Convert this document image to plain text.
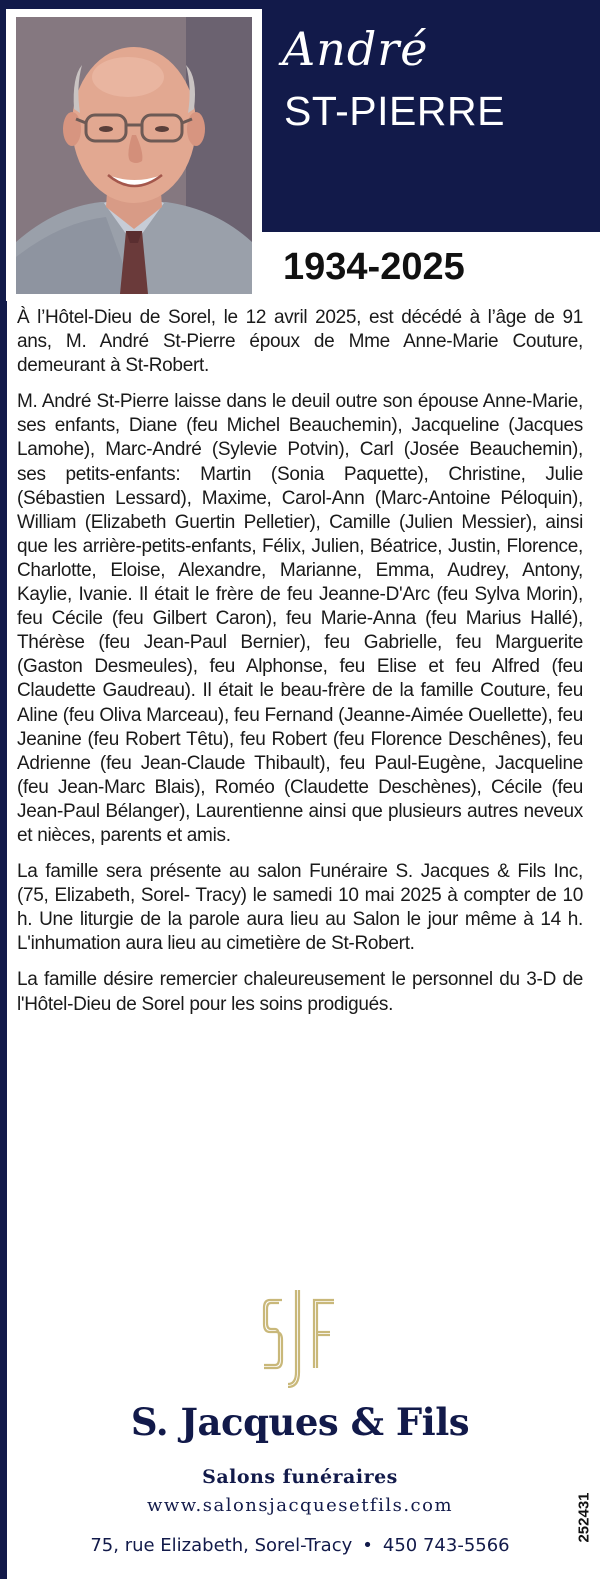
André
ST-PIERRE
1934-2025

À l’Hôtel-Dieu de Sorel, le 12 avril 2025, est décédé à l’âge de 91 ans, M. André St-Pierre époux de Mme Anne-Marie Couture, demeurant à St-Robert.

M. André St-Pierre laisse dans le deuil outre son épouse Anne-Marie, ses enfants, Diane (feu Michel Beauchemin), Jacqueline (Jacques Lamohe), Marc-André (Sylevie Potvin), Carl (Josée Beauchemin), ses petits-enfants: Martin (Sonia Paquette), Christine, Julie (Sébastien Lessard), Maxime, Carol-Ann (Marc-Antoine Péloquin), William (Elizabeth Guertin Pelletier), Camille (Julien Messier), ainsi que les arrière-petits-enfants, Félix, Julien, Béatrice, Justin, Florence, Charlotte, Eloise, Alexandre, Marianne, Emma, Audrey, Antony, Kaylie, Ivanie. Il était le frère de feu Jeanne-D'Arc (feu Sylva Morin), feu Cécile (feu Gilbert Caron), feu Marie-Anna (feu Marius Hallé), Thérèse (feu Jean-Paul Bernier), feu Gabrielle, feu Marguerite (Gaston Desmeules), feu Alphonse, feu Elise et feu Alfred (feu Claudette Gaudreau). Il était le beau-frère de la famille Couture, feu Aline (feu Oliva Marceau), feu Fernand (Jeanne-Aimée Ouellette), feu Jeanine (feu Robert Têtu), feu Robert (feu Florence Deschênes), feu Adrienne (feu Jean-Claude Thibault), feu Paul-Eugène, Jacqueline (feu Jean-Marc Blais), Roméo (Claudette Deschènes), Cécile (feu Jean-Paul Bélanger), Laurentienne ainsi que plusieurs autres neveux et nièces, parents et amis.

La famille sera présente au salon Funéraire S. Jacques & Fils Inc, (75, Elizabeth, Sorel- Tracy) le samedi 10 mai 2025 à compter de 10 h. Une liturgie de la parole aura lieu au Salon le jour même à 14 h. L'inhumation aura lieu au cimetière de St-Robert.

La famille désire remercier chaleureusement le personnel du 3-D de l'Hôtel-Dieu de Sorel pour les soins prodigués.

S. Jacques & Fils
Salons funéraires
www.salonsjacquesetfils.com
75, rue Elizabeth, Sorel-Tracy • 450 743-5566
252431
